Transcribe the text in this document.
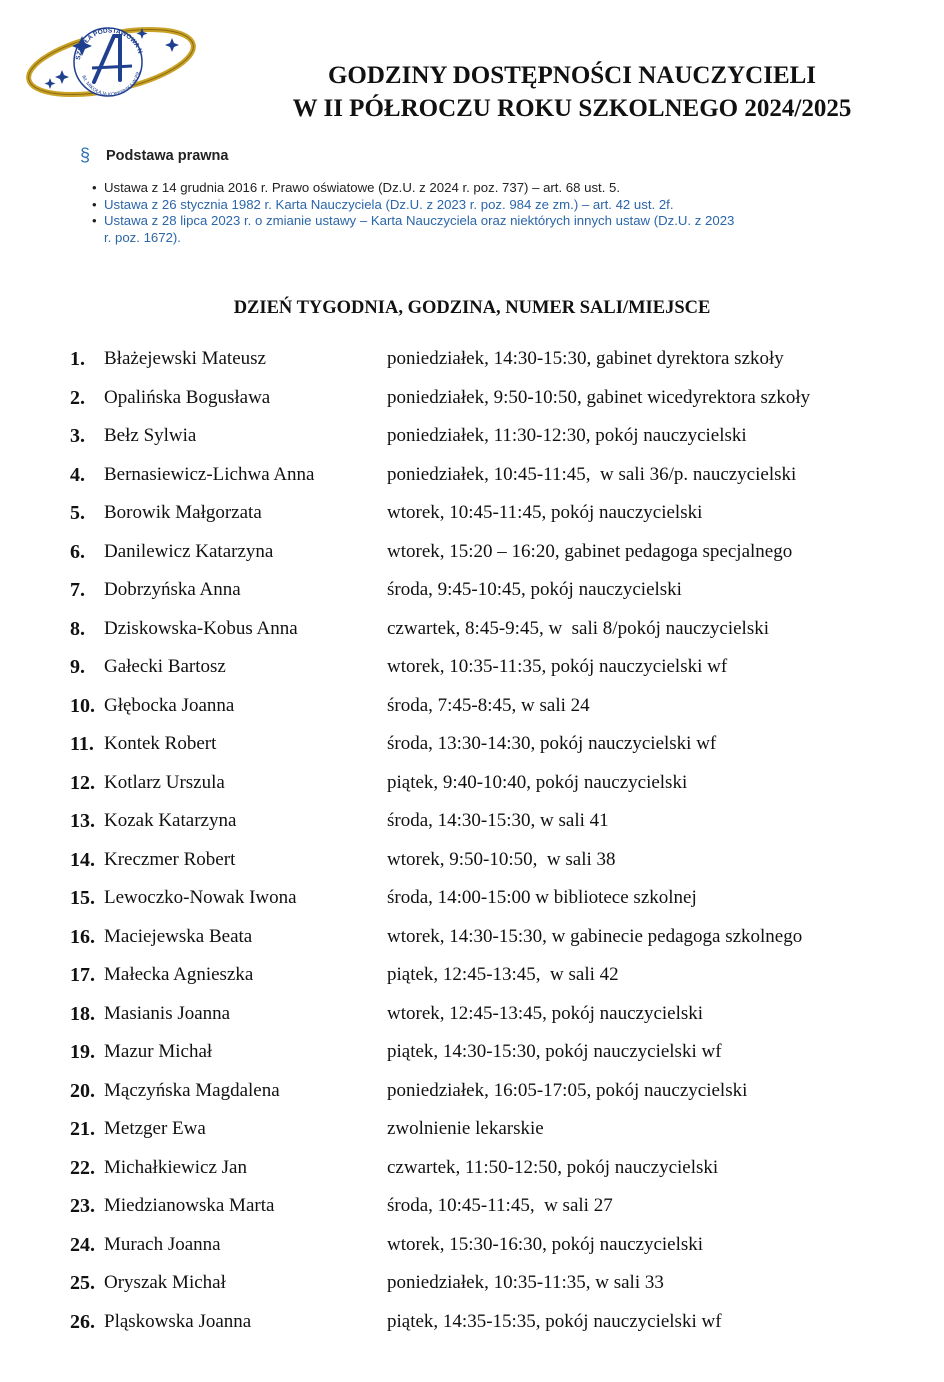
SZKOŁA PODSTAWOWA N
IM. MIKOŁAJA KOPERNIKA W PIŁ	GODZINY DOSTĘPNOŚCI NAUCZYCIELI
W II PÓŁROCZU ROKU SZKOLNEGO 2024/2025
§	Podstawa prawna
• Ustawa z 14 grudnia 2016 r. Prawo oświatowe (Dz.U. z 2024 r. poz. 737) – art. 68 ust. 5.
• Ustawa z 26 stycznia 1982 r. Karta Nauczyciela (Dz.U. z 2023 r. poz. 984 ze zm.) – art. 42 ust. 2f.
• Ustawa z 28 lipca 2023 r. o zmianie ustawy – Karta Nauczyciela oraz niektórych innych ustaw (Dz.U. z 2023 r. poz. 1672).
DZIEŃ TYGODNIA, GODZINA, NUMER SALI/MIEJSCE
1. Błażejewski Mateusz	poniedziałek, 14:30-15:30, gabinet dyrektora szkoły
2. Opalińska Bogusława	poniedziałek, 9:50-10:50, gabinet wicedyrektora szkoły
3. Bełz Sylwia	poniedziałek, 11:30-12:30, pokój nauczycielski
4. Bernasiewicz-Lichwa Anna	poniedziałek, 10:45-11:45,  w sali 36/p. nauczycielski
5. Borowik Małgorzata	wtorek, 10:45-11:45, pokój nauczycielski
6. Danilewicz Katarzyna	wtorek, 15:20 – 16:20, gabinet pedagoga specjalnego
7. Dobrzyńska Anna	środa, 9:45-10:45, pokój nauczycielski
8. Dziskowska-Kobus Anna	czwartek, 8:45-9:45, w  sali 8/pokój nauczycielski
9. Gałecki Bartosz	wtorek, 10:35-11:35, pokój nauczycielski wf
10. Głębocka Joanna	środa, 7:45-8:45, w sali 24
11. Kontek Robert	środa, 13:30-14:30, pokój nauczycielski wf
12. Kotlarz Urszula	piątek, 9:40-10:40, pokój nauczycielski
13. Kozak Katarzyna	środa, 14:30-15:30, w sali 41
14. Kreczmer Robert	wtorek, 9:50-10:50,  w sali 38
15. Lewoczko-Nowak Iwona	środa, 14:00-15:00 w bibliotece szkolnej
16. Maciejewska Beata	wtorek, 14:30-15:30, w gabinecie pedagoga szkolnego
17. Małecka Agnieszka	piątek, 12:45-13:45,  w sali 42
18. Masianis Joanna	wtorek, 12:45-13:45, pokój nauczycielski
19. Mazur Michał	piątek, 14:30-15:30, pokój nauczycielski wf
20. Mączyńska Magdalena	poniedziałek, 16:05-17:05, pokój nauczycielski
21. Metzger Ewa	zwolnienie lekarskie
22. Michałkiewicz Jan	czwartek, 11:50-12:50, pokój nauczycielski
23. Miedzianowska Marta	środa, 10:45-11:45,  w sali 27
24. Murach Joanna	wtorek, 15:30-16:30, pokój nauczycielski
25. Oryszak Michał	poniedziałek, 10:35-11:35, w sali 33
26. Pląskowska Joanna	piątek, 14:35-15:35, pokój nauczycielski wf
